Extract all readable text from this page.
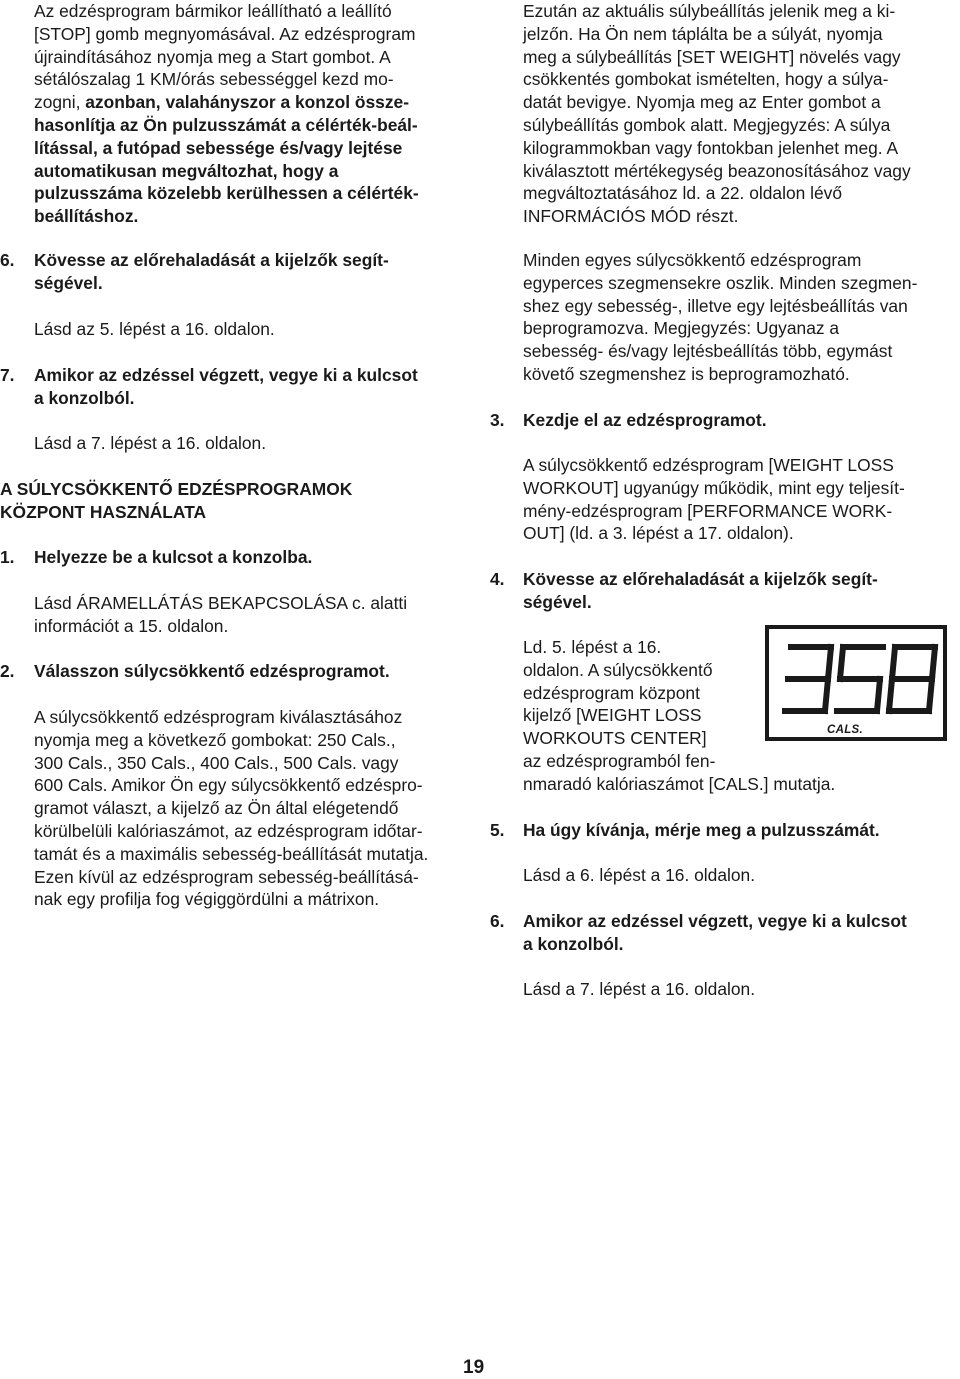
Az edzésprogram bármikor leállítható a leállító
[STOP] gomb megnyomásával. Az edzésprogram
újraindításához nyomja meg a Start gombot. A
sétálószalag 1 KM/órás sebességgel kezd mo-
zogni, azonban, valahányszor a konzol össze-
hasonlítja az Ön pulzusszámát a célérték-beál-
lítással, a futópad sebessége és/vagy lejtése
automatikusan megváltozhat, hogy a
pulzusszáma közelebb kerülhessen a célérték-
beállításhoz.
6. Kövesse az előrehaladását a kijelzők segít-
ségével.
Lásd az 5. lépést a 16. oldalon.
7. Amikor az edzéssel végzett, vegye ki a kulcsot
a konzolból.
Lásd a 7. lépést a 16. oldalon.
A SÚLYCSÖKKENTŐ EDZÉSPROGRAMOK
KÖZPONT HASZNÁLATA
1. Helyezze be a kulcsot a konzolba.
Lásd ÁRAMELLÁTÁS BEKAPCSOLÁSA c. alatti
információt a 15. oldalon.
2. Válasszon súlycsökkentő edzésprogramot.
A súlycsökkentő edzésprogram kiválasztásához
nyomja meg a következő gombokat: 250 Cals.,
300 Cals., 350 Cals., 400 Cals., 500 Cals. vagy
600 Cals. Amikor Ön egy súlycsökkentő edzéspro-
gramot választ, a kijelző az Ön által elégetendő
körülbelüli kalóriaszámot, az edzésprogram időtar-
tamát és a maximális sebesség-beállítását mutatja.
Ezen kívül az edzésprogram sebesség-beállításá-
nak egy profilja fog végiggördülni a mátrixon.
Ezután az aktuális súlybeállítás jelenik meg a ki-
jelzőn. Ha Ön nem táplálta be a súlyát, nyomja
meg a súlybeállítás [SET WEIGHT] növelés vagy
csökkentés gombokat ismételten, hogy a súlya-
datát bevigye. Nyomja meg az Enter gombot a
súlybeállítás gombok alatt. Megjegyzés: A súlya
kilogrammokban vagy fontokban jelenhet meg. A
kiválasztott mértékegység beazonosításához vagy
megváltoztatásához ld. a 22. oldalon lévő
INFORMÁCIÓS MÓD részt.
Minden egyes súlycsökkentő edzésprogram
egyperces szegmensekre oszlik. Minden szegmen-
shez egy sebesség-, illetve egy lejtésbeállítás van
beprogramozva. Megjegyzés: Ugyanaz a
sebesség- és/vagy lejtésbeállítás több, egymást
követő szegmenshez is beprogramozható.
3. Kezdje el az edzésprogramot.
A súlycsökkentő edzésprogram [WEIGHT LOSS
WORKOUT] ugyanúgy működik, mint egy teljesít-
mény-edzésprogram [PERFORMANCE WORK-
OUT] (ld. a 3. lépést a 17. oldalon).
4. Kövesse az előrehaladását a kijelzők segít-
ségével.
Ld. 5. lépést a 16.
oldalon. A súlycsökkentő
edzésprogram központ
kijelző [WEIGHT LOSS
WORKOUTS CENTER]
az edzésprogramból fen-
nmaradó kalóriaszámot [CALS.] mutatja.
CALS.
5. Ha úgy kívánja, mérje meg a pulzusszámát.
Lásd a 6. lépést a 16. oldalon.
6. Amikor az edzéssel végzett, vegye ki a kulcsot
a konzolból.
Lásd a 7. lépést a 16. oldalon.
19
